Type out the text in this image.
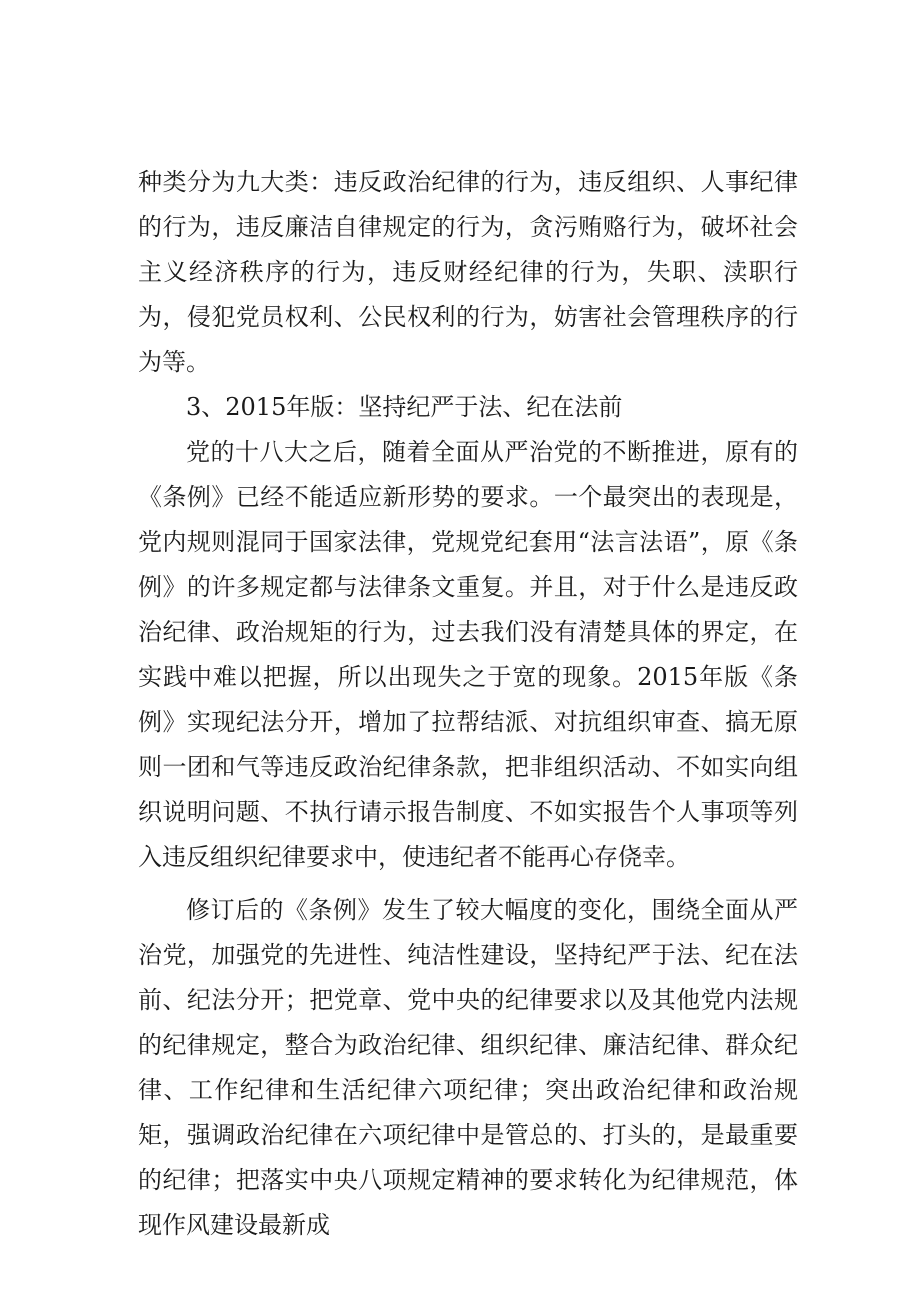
种类分为九大类：违反政治纪律的行为，违反组织、人事纪律的行为，违反廉洁自律规定的行为，贪污贿赂行为，破坏社会主义经济秩序的行为，违反财经纪律的行为，失职、渎职行为，侵犯党员权利、公民权利的行为，妨害社会管理秩序的行为等。

3、2015年版：坚持纪严于法、纪在法前

党的十八大之后，随着全面从严治党的不断推进，原有的《条例》已经不能适应新形势的要求。一个最突出的表现是，党内规则混同于国家法律，党规党纪套用“法言法语”，原《条例》的许多规定都与法律条文重复。并且，对于什么是违反政治纪律、政治规矩的行为，过去我们没有清楚具体的界定，在实践中难以把握，所以出现失之于宽的现象。2015年版《条例》实现纪法分开，增加了拉帮结派、对抗组织审查、搞无原则一团和气等违反政治纪律条款，把非组织活动、不如实向组织说明问题、不执行请示报告制度、不如实报告个人事项等列入违反组织纪律要求中，使违纪者不能再心存侥幸。

修订后的《条例》发生了较大幅度的变化，围绕全面从严治党，加强党的先进性、纯洁性建设，坚持纪严于法、纪在法前、纪法分开；把党章、党中央的纪律要求以及其他党内法规的纪律规定，整合为政治纪律、组织纪律、廉洁纪律、群众纪律、工作纪律和生活纪律六项纪律；突出政治纪律和政治规矩，强调政治纪律在六项纪律中是管总的、打头的，是最重要的纪律；把落实中央八项规定精神的要求转化为纪律规范，体现作风建设最新成
